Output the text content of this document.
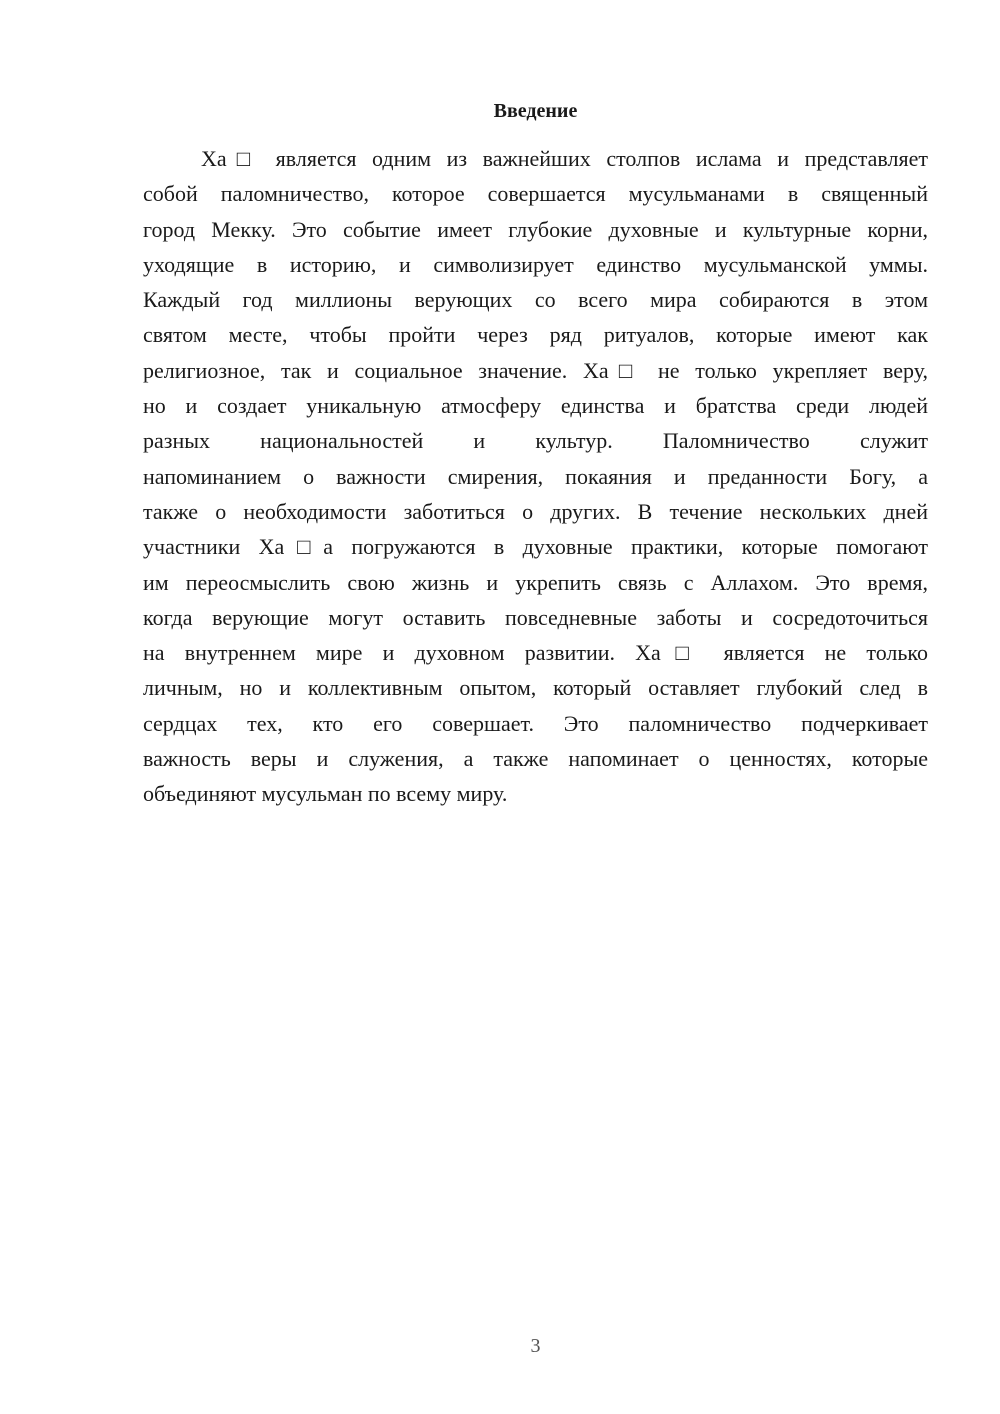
Введение
Ха□ является одним из важнейших столпов ислама и представляет
собой паломничество, которое совершается мусульманами в священный
город Мекку. Это событие имеет глубокие духовные и культурные корни,
уходящие в историю, и символизирует единство мусульманской уммы.
Каждый год миллионы верующих со всего мира собираются в этом
святом месте, чтобы пройти через ряд ритуалов, которые имеют как
религиозное, так и социальное значение. Ха□ не только укрепляет веру,
но и создает уникальную атмосферу единства и братства среди людей
разных национальностей и культур. Паломничество служит
напоминанием о важности смирения, покаяния и преданности Богу, а
также о необходимости заботиться о других. В течение нескольких дней
участники Ха□а погружаются в духовные практики, которые помогают
им переосмыслить свою жизнь и укрепить связь с Аллахом. Это время,
когда верующие могут оставить повседневные заботы и сосредоточиться
на внутреннем мире и духовном развитии. Ха□ является не только
личным, но и коллективным опытом, который оставляет глубокий след в
сердцах тех, кто его совершает. Это паломничество подчеркивает
важность веры и служения, а также напоминает о ценностях, которые
объединяют мусульман по всему миру.
3
